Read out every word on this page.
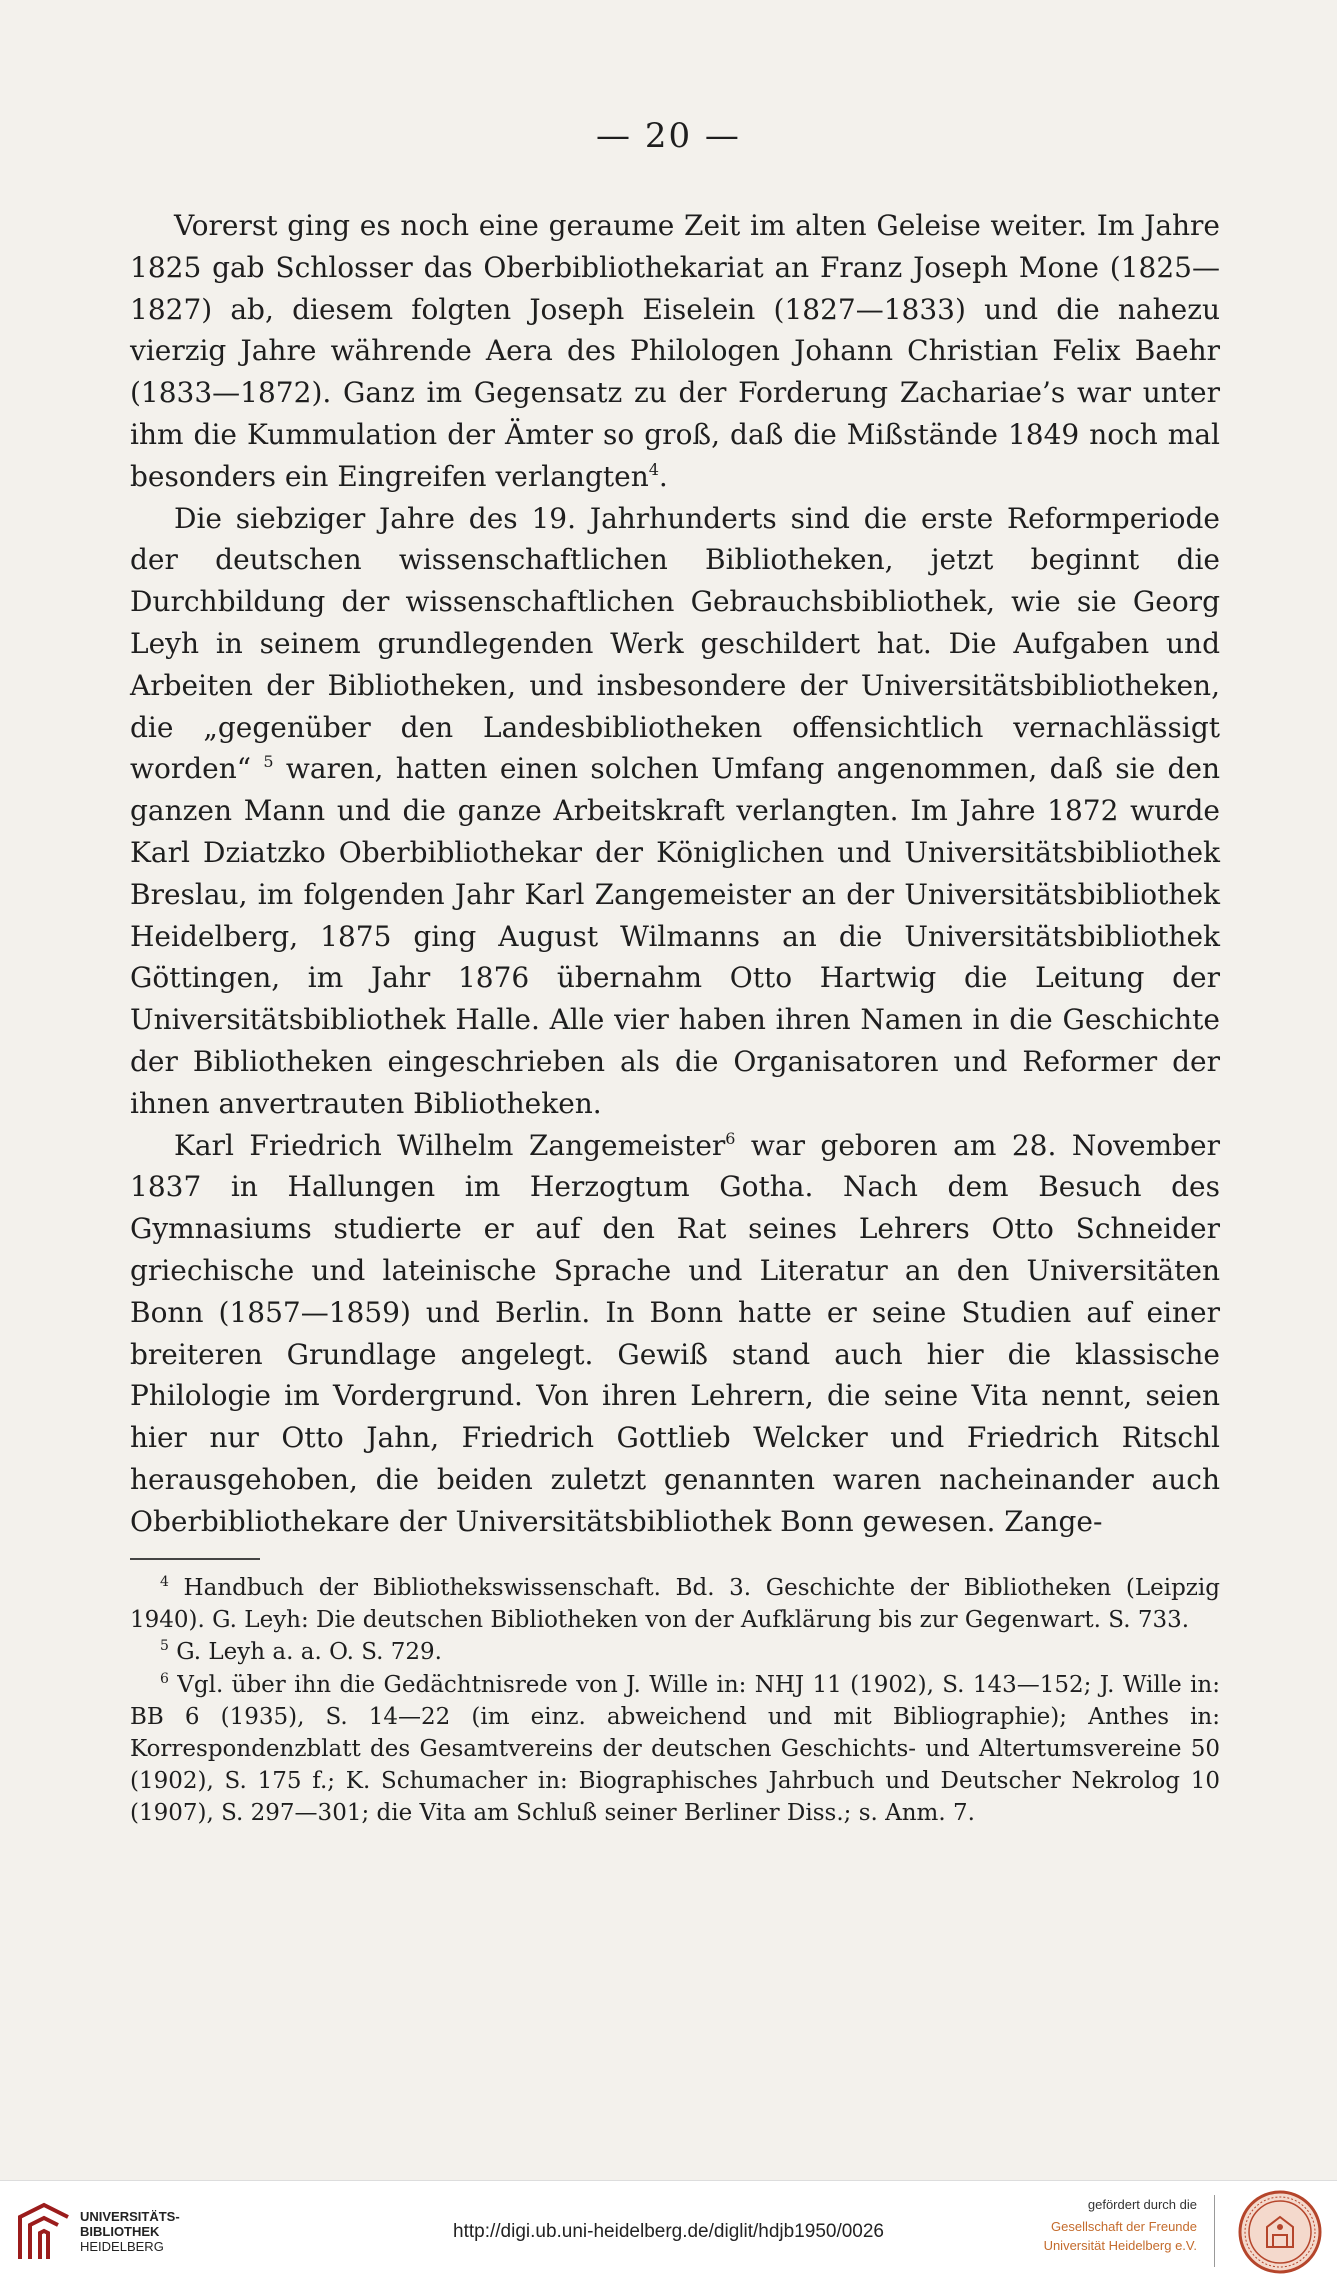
— 20 —

Vorerst ging es noch eine geraume Zeit im alten Geleise weiter. Im Jahre 1825 gab Schlosser das Oberbibliothekariat an Franz Joseph Mone (1825—1827) ab, diesem folgten Joseph Eiselein (1827—1833) und die nahezu vierzig Jahre währende Aera des Philologen Johann Christian Felix Baehr (1833—1872). Ganz im Gegensatz zu der Forderung Zachariae’s war unter ihm die Kummulation der Ämter so groß, daß die Mißstände 1849 noch mal besonders ein Eingreifen verlangten$^4$.

Die siebziger Jahre des 19. Jahrhunderts sind die erste Reformperiode der deutschen wissenschaftlichen Bibliotheken, jetzt beginnt die Durchbildung der wissenschaftlichen Gebrauchsbibliothek, wie sie Georg Leyh in seinem grundlegenden Werk geschildert hat. Die Aufgaben und Arbeiten der Bibliotheken, und insbesondere der Universitätsbibliotheken, die „gegenüber den Landesbibliotheken offensichtlich vernachlässigt worden“ $^5$ waren, hatten einen solchen Umfang angenommen, daß sie den ganzen Mann und die ganze Arbeitskraft verlangten. Im Jahre 1872 wurde Karl Dziatzko Oberbibliothekar der Königlichen und Universitätsbibliothek Breslau, im folgenden Jahr Karl Zangemeister an der Universitätsbibliothek Heidelberg, 1875 ging August Wilmanns an die Universitätsbibliothek Göttingen, im Jahr 1876 übernahm Otto Hartwig die Leitung der Universitätsbibliothek Halle. Alle vier haben ihren Namen in die Geschichte der Bibliotheken eingeschrieben als die Organisatoren und Reformer der ihnen anvertrauten Bibliotheken.

Karl Friedrich Wilhelm Zangemeister$^6$ war geboren am 28. November 1837 in Hallungen im Herzogtum Gotha. Nach dem Besuch des Gymnasiums studierte er auf den Rat seines Lehrers Otto Schneider griechische und lateinische Sprache und Literatur an den Universitäten Bonn (1857—1859) und Berlin. In Bonn hatte er seine Studien auf einer breiteren Grundlage angelegt. Gewiß stand auch hier die klassische Philologie im Vordergrund. Von ihren Lehrern, die seine Vita nennt, seien hier nur Otto Jahn, Friedrich Gottlieb Welcker und Friedrich Ritschl herausgehoben, die beiden zuletzt genannten waren nacheinander auch Oberbibliothekare der Universitätsbibliothek Bonn gewesen. Zange-

$^4$ Handbuch der Bibliothekswissenschaft. Bd. 3. Geschichte der Bibliotheken (Leipzig 1940). G. Leyh: Die deutschen Bibliotheken von der Aufklärung bis zur Gegenwart. S. 733.

$^5$ G. Leyh a. a. O. S. 729.

$^6$ Vgl. über ihn die Gedächtnisrede von J. Wille in: NHJ 11 (1902), S. 143—152; J. Wille in: BB 6 (1935), S. 14—22 (im einz. abweichend und mit Bibliographie); Anthes in: Korrespondenzblatt des Gesamtvereins der deutschen Geschichts- und Altertumsvereine 50 (1902), S. 175 f.; K. Schumacher in: Biographisches Jahrbuch und Deutscher Nekrolog 10 (1907), S. 297—301; die Vita am Schluß seiner Berliner Diss.; s. Anm. 7.

UNIVERSITÄTS-
BIBLIOTHEK
HEIDELBERG
http://digi.ub.uni-heidelberg.de/diglit/hdjb1950/0026
gefördert durch die
Gesellschaft der Freunde
Universität Heidelberg e.V.
